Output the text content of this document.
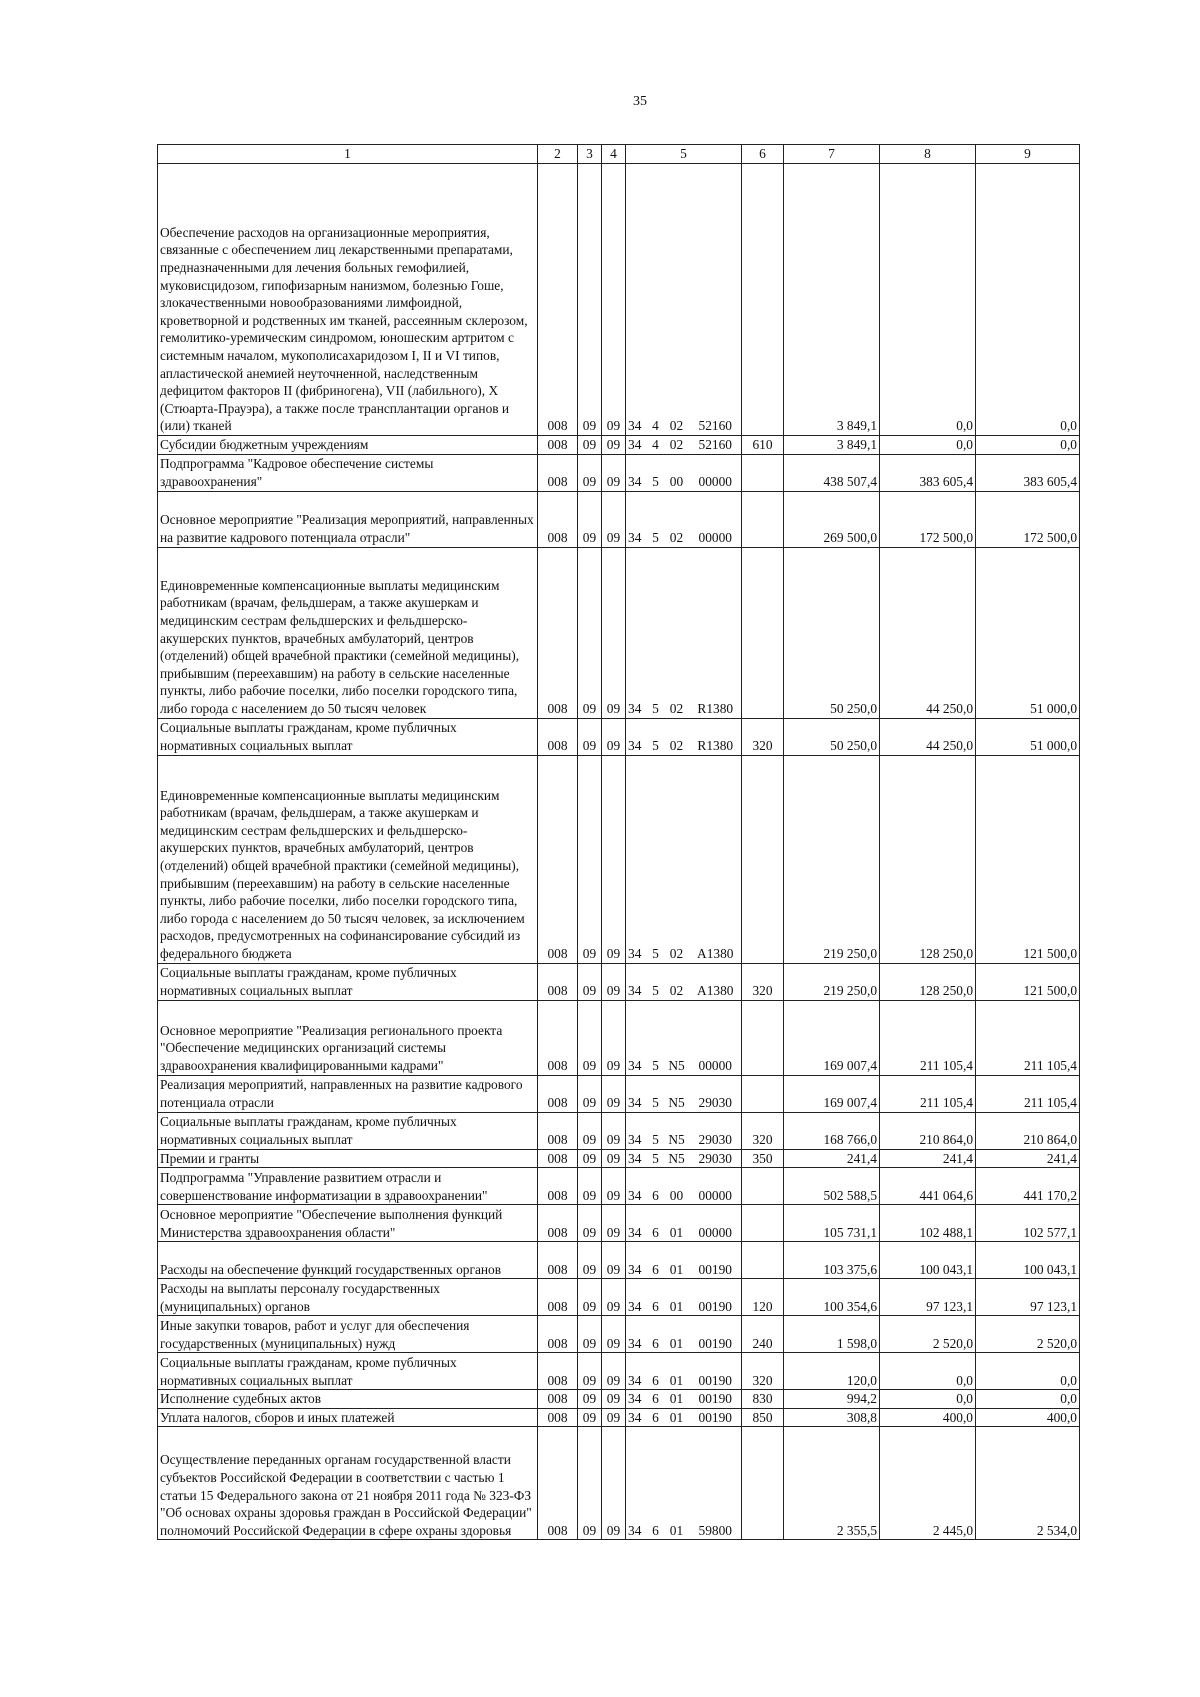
35
1	2	3	4	5				6	7	8	9
Обеспечение расходов на организационные мероприятия, связанные с обеспечением лиц лекарственными препаратами, предназначенными для лечения больных гемофилией, муковисцидозом, гипофизарным нанизмом, болезнью Гоше, злокачественными новообразованиями лимфоидной, кроветворной и родственных им тканей, рассеянным склерозом, гемолитико-уремическим синдромом, юношеским артритом с системным началом, мукополисахаридозом I, II и VI типов, апластической анемией неуточненной, наследственным дефицитом факторов II (фибриногена), VII (лабильного), X (Стюарта-Прауэра), а также после трансплантации органов и (или) тканей	008	09	09	34	4	02	52160		3 849,1	0,0	0,0
Субсидии бюджетным учреждениям	008	09	09	34	4	02	52160	610	3 849,1	0,0	0,0
Подпрограмма "Кадровое обеспечение системы здравоохранения"	008	09	09	34	5	00	00000		438 507,4	383 605,4	383 605,4
Основное мероприятие "Реализация мероприятий, направленных на развитие кадрового потенциала отрасли"	008	09	09	34	5	02	00000		269 500,0	172 500,0	172 500,0
Единовременные компенсационные выплаты медицинским работникам (врачам, фельдшерам, а также акушеркам и медицинским сестрам фельдшерских и фельдшерско-акушерских пунктов, врачебных амбулаторий, центров (отделений) общей врачебной практики (семейной медицины), прибывшим (переехавшим) на работу в сельские населенные пункты, либо рабочие поселки, либо поселки городского типа, либо города с населением до 50 тысяч человек	008	09	09	34	5	02	R1380		50 250,0	44 250,0	51 000,0
Социальные выплаты гражданам, кроме публичных нормативных социальных выплат	008	09	09	34	5	02	R1380	320	50 250,0	44 250,0	51 000,0
Единовременные компенсационные выплаты медицинским работникам (врачам, фельдшерам, а также акушеркам и медицинским сестрам фельдшерских и фельдшерско-акушерских пунктов, врачебных амбулаторий, центров (отделений) общей врачебной практики (семейной медицины), прибывшим (переехавшим) на работу в сельские населенные пункты, либо рабочие поселки, либо поселки городского типа, либо города с населением до 50 тысяч человек, за исключением расходов, предусмотренных на софинансирование субсидий из федерального бюджета	008	09	09	34	5	02	А1380		219 250,0	128 250,0	121 500,0
Социальные выплаты гражданам, кроме публичных нормативных социальных выплат	008	09	09	34	5	02	А1380	320	219 250,0	128 250,0	121 500,0
Основное мероприятие "Реализация регионального проекта "Обеспечение медицинских организаций системы здравоохранения квалифицированными кадрами"	008	09	09	34	5	N5	00000		169 007,4	211 105,4	211 105,4
Реализация мероприятий, направленных на развитие кадрового потенциала отрасли	008	09	09	34	5	N5	29030		169 007,4	211 105,4	211 105,4
Социальные выплаты гражданам, кроме публичных нормативных социальных выплат	008	09	09	34	5	N5	29030	320	168 766,0	210 864,0	210 864,0
Премии и гранты	008	09	09	34	5	N5	29030	350	241,4	241,4	241,4
Подпрограмма "Управление развитием отрасли и совершенствование информатизации в здравоохранении"	008	09	09	34	6	00	00000		502 588,5	441 064,6	441 170,2
Основное мероприятие "Обеспечение выполнения функций Министерства здравоохранения области"	008	09	09	34	6	01	00000		105 731,1	102 488,1	102 577,1
Расходы на обеспечение функций государственных органов	008	09	09	34	6	01	00190		103 375,6	100 043,1	100 043,1
Расходы на выплаты персоналу государственных (муниципальных) органов	008	09	09	34	6	01	00190	120	100 354,6	97 123,1	97 123,1
Иные закупки товаров, работ и услуг для обеспечения государственных (муниципальных) нужд	008	09	09	34	6	01	00190	240	1 598,0	2 520,0	2 520,0
Социальные выплаты гражданам, кроме публичных нормативных социальных выплат	008	09	09	34	6	01	00190	320	120,0	0,0	0,0
Исполнение судебных актов	008	09	09	34	6	01	00190	830	994,2	0,0	0,0
Уплата налогов, сборов и иных платежей	008	09	09	34	6	01	00190	850	308,8	400,0	400,0
Осуществление переданных органам государственной власти субъектов Российской Федерации в соответствии с частью 1 статьи 15 Федерального закона от 21 ноября 2011 года № 323-ФЗ "Об основах охраны здоровья граждан в Российской Федерации" полномочий Российской Федерации в сфере охраны здоровья	008	09	09	34	6	01	59800		2 355,5	2 445,0	2 534,0
